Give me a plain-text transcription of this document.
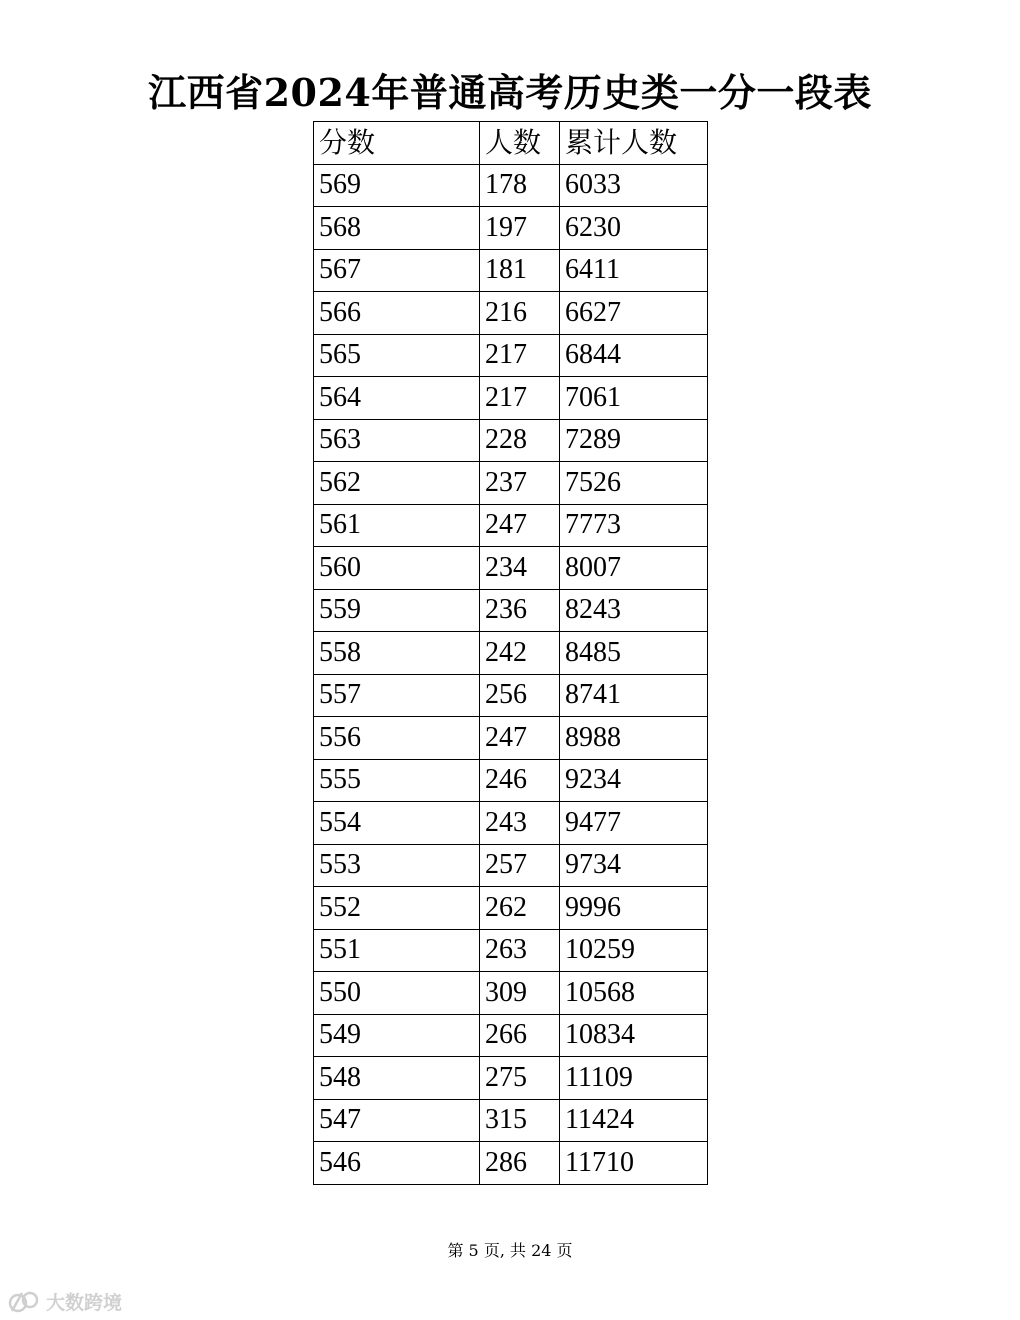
江西省2024年普通高考历史类一分一段表
分数	人数	累计人数
569	178	6033
568	197	6230
567	181	6411
566	216	6627
565	217	6844
564	217	7061
563	228	7289
562	237	7526
561	247	7773
560	234	8007
559	236	8243
558	242	8485
557	256	8741
556	247	8988
555	246	9234
554	243	9477
553	257	9734
552	262	9996
551	263	10259
550	309	10568
549	266	10834
548	275	11109
547	315	11424
546	286	11710
第 5 页, 共 24 页
大数跨境
